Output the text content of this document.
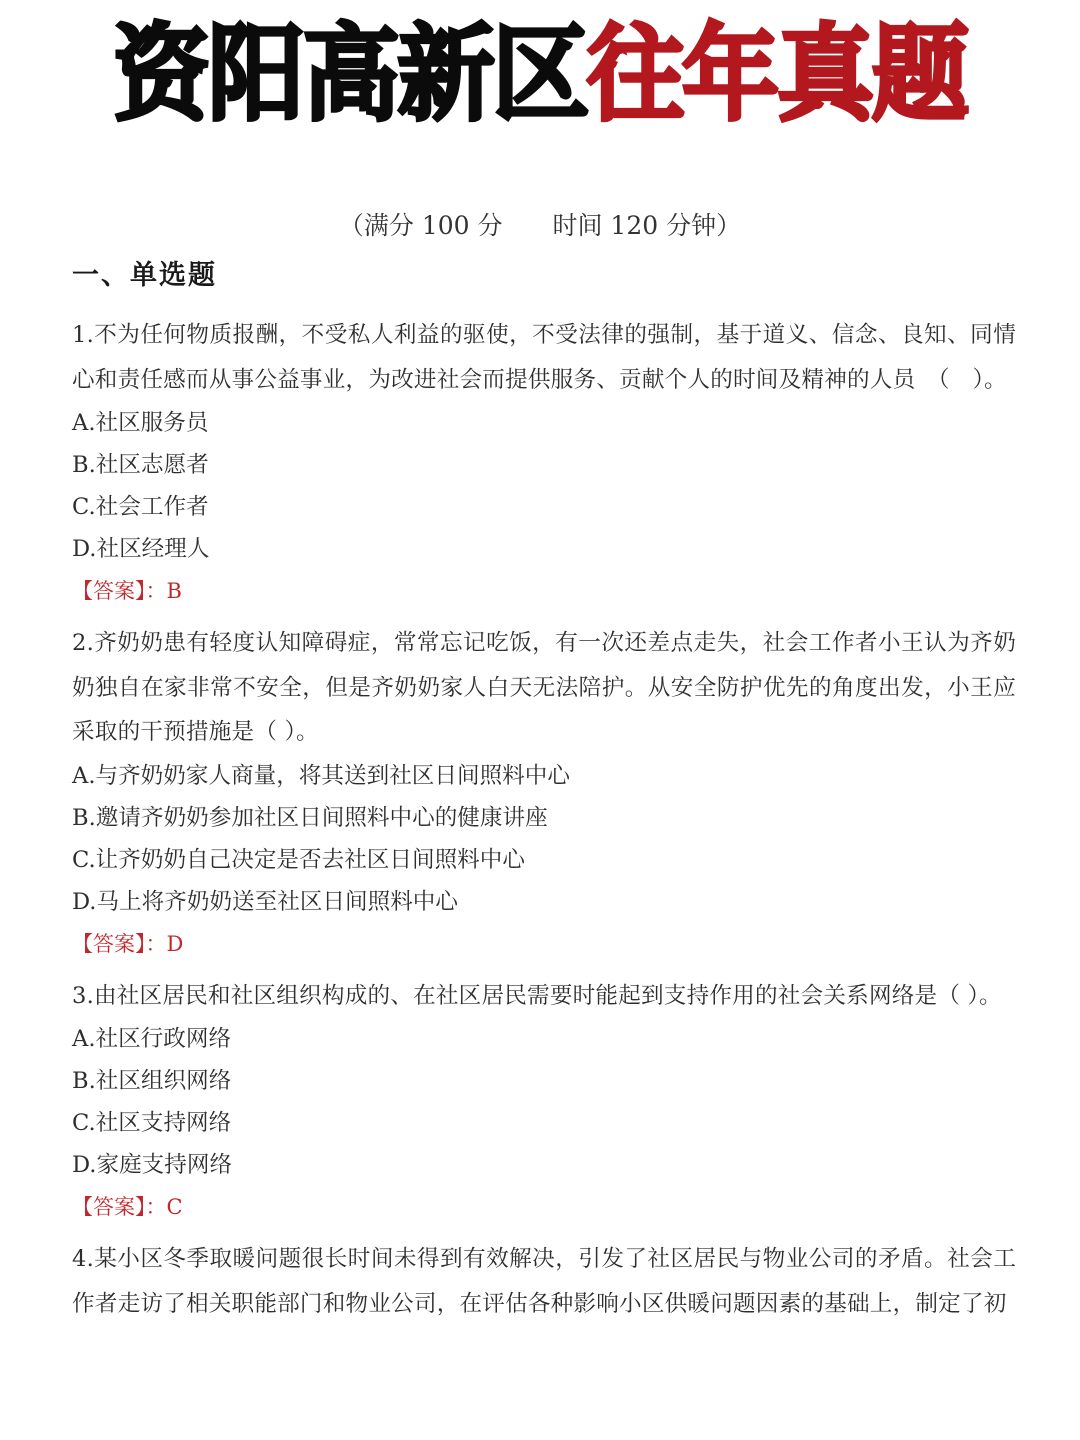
资阳高新区往年真题
（满分 100 分　　时间 120 分钟）
一、单选题

1.不为任何物质报酬，不受私人利益的驱使，不受法律的强制，基于道义、信念、良知、同情心和责任感而从事公益事业，为改进社会而提供服务、贡献个人的时间及精神的人员　（　）。

A.社区服务员

B.社区志愿者

C.社会工作者

D.社区经理人

【答案】：B

2.齐奶奶患有轻度认知障碍症，常常忘记吃饭，有一次还差点走失，社会工作者小王认为齐奶奶独自在家非常不安全，但是齐奶奶家人白天无法陪护。从安全防护优先的角度出发，小王应采取的干预措施是（ ）。

A.与齐奶奶家人商量，将其送到社区日间照料中心

B.邀请齐奶奶参加社区日间照料中心的健康讲座

C.让齐奶奶自己决定是否去社区日间照料中心

D.马上将齐奶奶送至社区日间照料中心

【答案】：D

3.由社区居民和社区组织构成的、在社区居民需要时能起到支持作用的社会关系网络是（ ）。

A.社区行政网络

B.社区组织网络

C.社区支持网络

D.家庭支持网络

【答案】：C

4.某小区冬季取暖问题很长时间未得到有效解决，引发了社区居民与物业公司的矛盾。社会工作者走访了相关职能部门和物业公司，在评估各种影响小区供暖问题因素的基础上，制定了初
